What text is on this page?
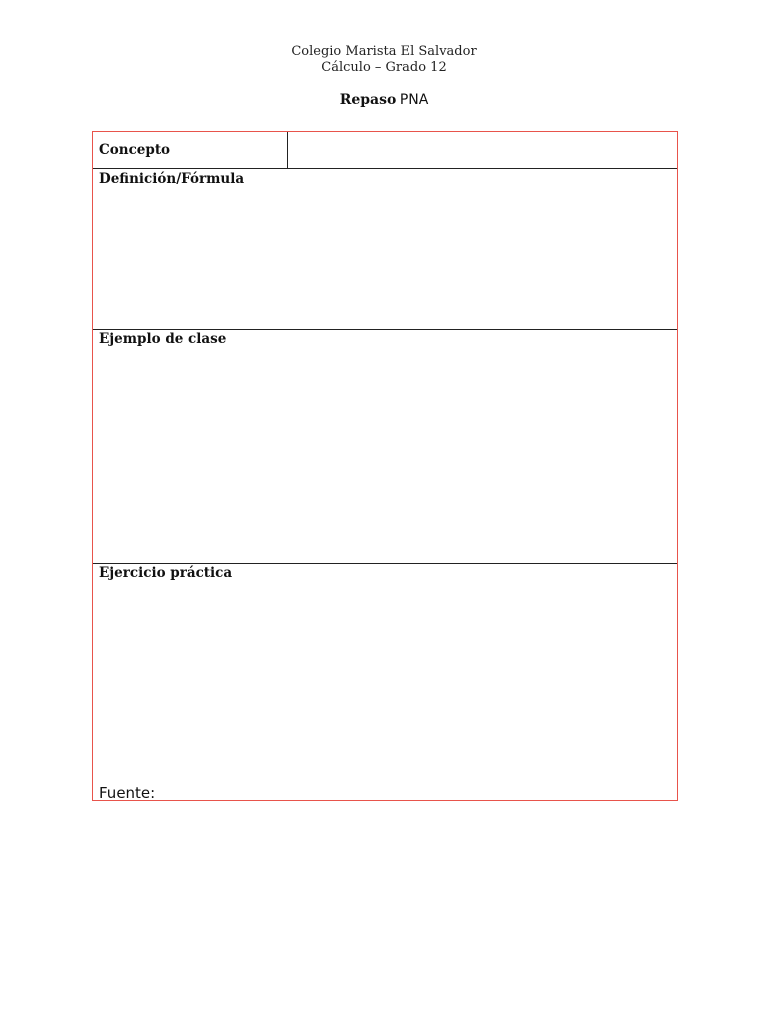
Colegio Marista El Salvador
Cálculo – Grado 12
Repaso PNA
Concepto
Definición/Fórmula
Ejemplo de clase
Ejercicio práctica
Fuente:
